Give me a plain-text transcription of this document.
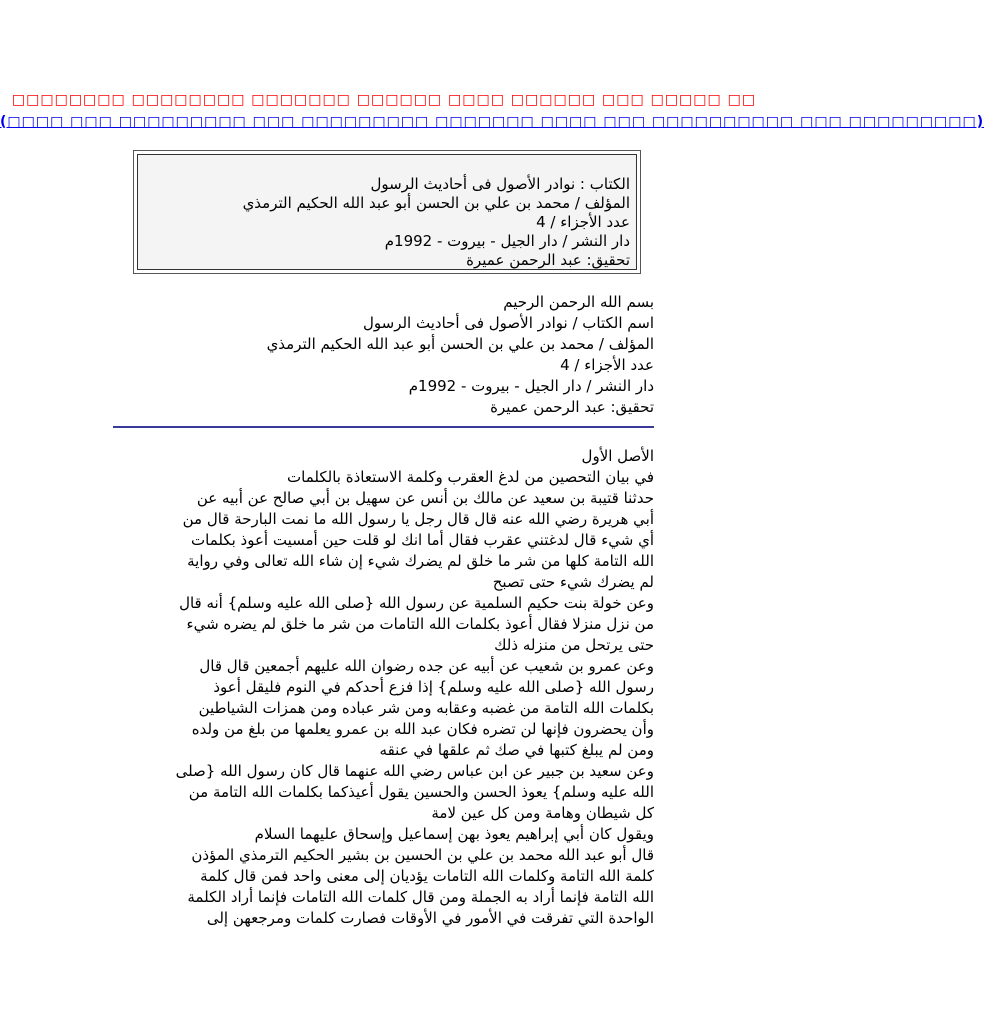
□□□□□□□□ □□□□□□□□ □□□□□□□ □□□□□□ □□□□ □□□□□□ □□□ □□□□□ □□
(□□□□ □□□ □□□□□□□□□ □□□ □□□□□□□□□ □□□□□□□ □□□□ □□□ □□□□□□□□□□ □□□ □□□□□□□□□)
الكتاب : نوادر الأصول فى أحاديث الرسول
المؤلف / محمد بن علي بن الحسن أبو عبد الله الحكيم الترمذي
عدد الأجزاء / 4
دار النشر / دار الجيل - بيروت - 1992م
تحقيق: عبد الرحمن عميرة
بسم الله الرحمن الرحيم
اسم الكتاب / نوادر الأصول فى أحاديث الرسول
المؤلف / محمد بن علي بن الحسن أبو عبد الله الحكيم الترمذي
عدد الأجزاء / 4
دار النشر / دار الجيل - بيروت - 1992م
تحقيق: عبد الرحمن عميرة
الأصل الأول
في بيان التحصين من لدغ العقرب وكلمة الاستعاذة بالكلمات
حدثنا قتيبة بن سعيد عن مالك بن أنس عن سهيل بن أبي صالح عن أبيه عن
أبي هريرة رضي الله عنه قال قال رجل يا رسول الله ما نمت البارحة قال من
أي شيء قال لدغتني عقرب فقال أما انك لو قلت حين أمسيت أعوذ بكلمات
الله التامة كلها من شر ما خلق لم يضرك شيء إن شاء الله تعالى وفي رواية
لم يضرك شيء حتى تصبح
وعن خولة بنت حكيم السلمية عن رسول الله {صلى الله عليه وسلم} أنه قال
من نزل منزلا فقال أعوذ بكلمات الله التامات من شر ما خلق لم يضره شيء
حتى يرتحل من منزله ذلك
وعن عمرو بن شعيب عن أبيه عن جده رضوان الله عليهم أجمعين قال قال
رسول الله {صلى الله عليه وسلم} إذا فزع أحدكم في النوم فليقل أعوذ
بكلمات الله التامة من غضبه وعقابه ومن شر عباده ومن همزات الشياطين
وأن يحضرون فإنها لن تضره فكان عبد الله بن عمرو يعلمها من بلغ من ولده
ومن لم يبلغ كتبها في صك ثم علقها في عنقه
وعن سعيد بن جبير عن ابن عباس رضي الله عنهما قال كان رسول الله {صلى
الله عليه وسلم} يعوذ الحسن والحسين يقول أعيذكما بكلمات الله التامة من
كل شيطان وهامة ومن كل عين لامة
ويقول كان أبي إبراهيم يعوذ بهن إسماعيل وإسحاق عليهما السلام
قال أبو عبد الله محمد بن علي بن الحسين بن بشير الحكيم الترمذي المؤذن
كلمة الله التامة وكلمات الله التامات يؤديان إلى معنى واحد فمن قال كلمة
الله التامة فإنما أراد به الجملة ومن قال كلمات الله التامات فإنما أراد الكلمة
الواحدة التي تفرقت في الأمور في الأوقات فصارت كلمات ومرجعهن إلى
